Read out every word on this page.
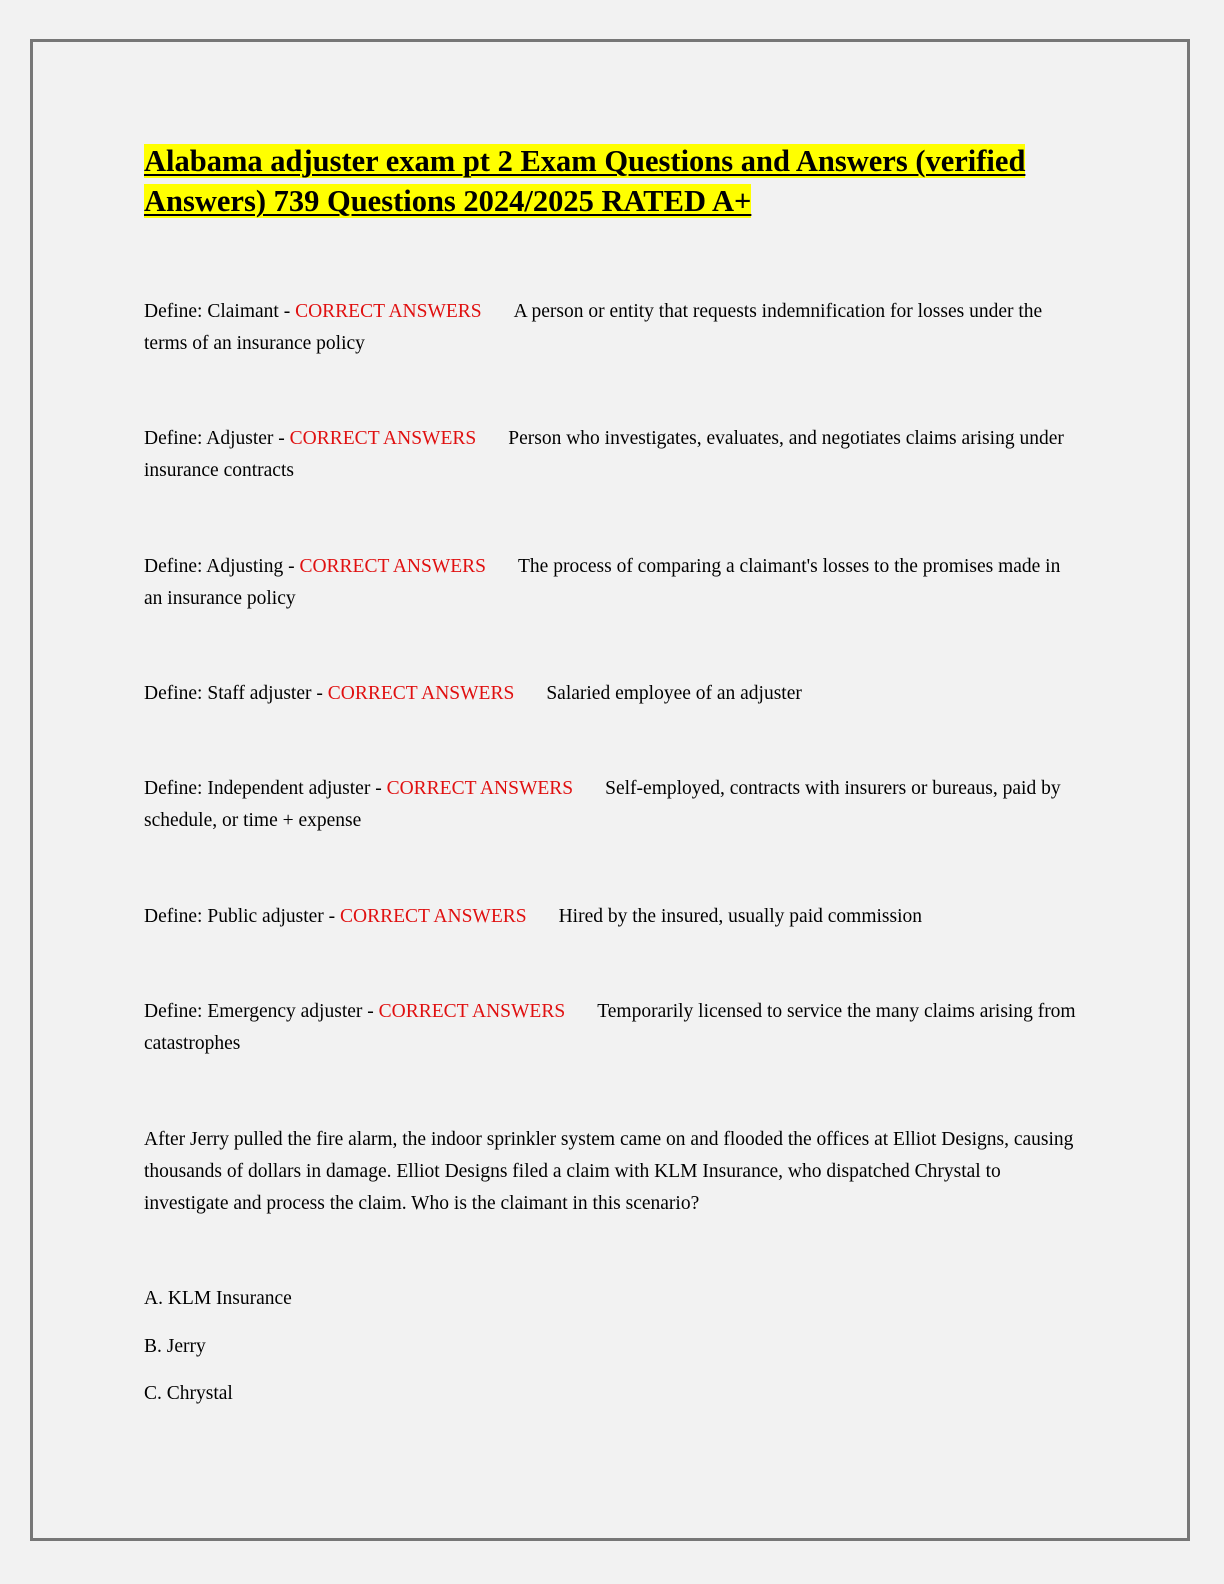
Alabama adjuster exam pt 2 Exam Questions and Answers (verified Answers) 739 Questions 2024/2025 RATED A+

Define: Claimant - CORRECT ANSWERS A person or entity that requests indemnification for losses under the terms of an insurance policy

Define: Adjuster - CORRECT ANSWERS Person who investigates, evaluates, and negotiates claims arising under insurance contracts

Define: Adjusting - CORRECT ANSWERS The process of comparing a claimant's losses to the promises made in an insurance policy

Define: Staff adjuster - CORRECT ANSWERS Salaried employee of an adjuster

Define: Independent adjuster - CORRECT ANSWERS Self-employed, contracts with insurers or bureaus, paid by schedule, or time + expense

Define: Public adjuster - CORRECT ANSWERS Hired by the insured, usually paid commission

Define: Emergency adjuster - CORRECT ANSWERS Temporarily licensed to service the many claims arising from catastrophes

After Jerry pulled the fire alarm, the indoor sprinkler system came on and flooded the offices at Elliot Designs, causing thousands of dollars in damage. Elliot Designs filed a claim with KLM Insurance, who dispatched Chrystal to investigate and process the claim. Who is the claimant in this scenario?

A. KLM Insurance

B. Jerry

C. Chrystal
